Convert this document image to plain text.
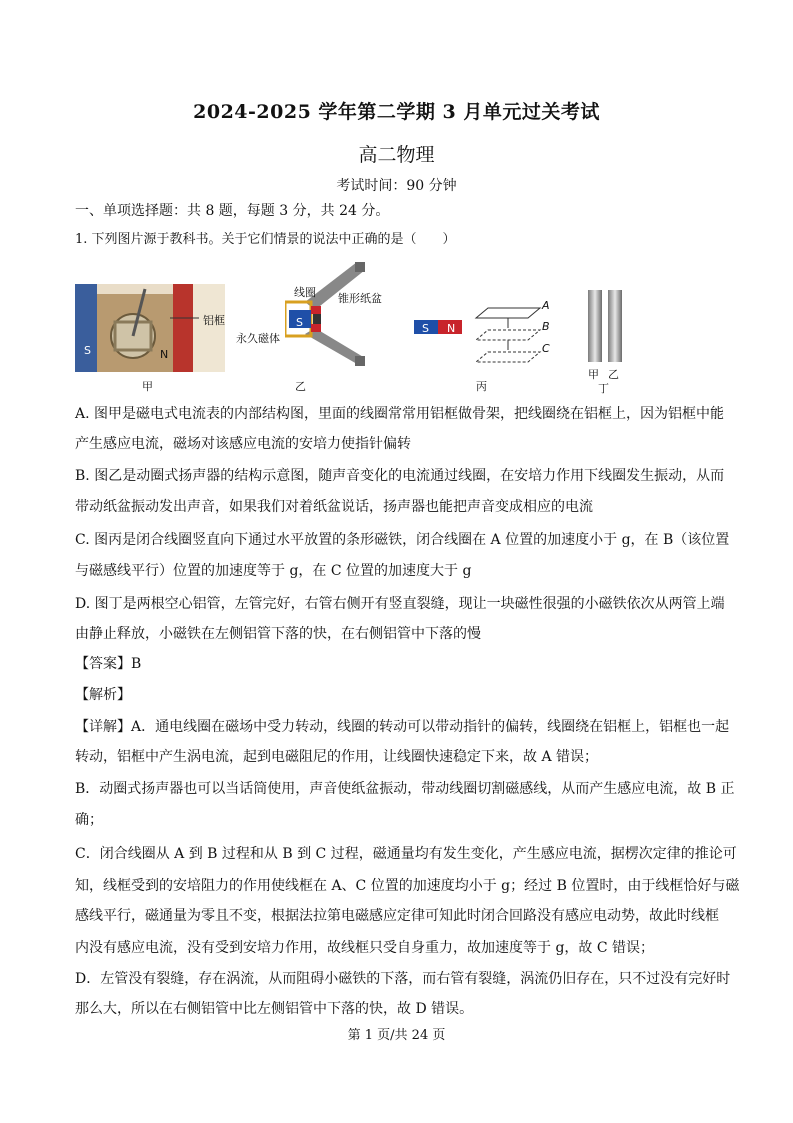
2024-2025 学年第二学期 3 月单元过关考试
高二物理
考试时间：90 分钟
一、单项选择题：共 8 题，每题 3 分，共 24 分。
1. 下列图片源于教科书。关于它们情景的说法中正确的是（　　）
铝框
S	N
甲
线圈 锥形纸盆
永久磁体
S
乙
S N
A
B
C
丙
甲 乙
丁
A. 图甲是磁电式电流表的内部结构图，里面的线圈常常用铝框做骨架，把线圈绕在铝框上，因为铝框中能
产生感应电流，磁场对该感应电流的安培力使指针偏转
B. 图乙是动圈式扬声器的结构示意图，随声音变化的电流通过线圈，在安培力作用下线圈发生振动，从而
带动纸盆振动发出声音，如果我们对着纸盆说话，扬声器也能把声音变成相应的电流
C. 图丙是闭合线圈竖直向下通过水平放置的条形磁铁，闭合线圈在 A 位置的加速度小于 g，在 B（该位置
与磁感线平行）位置的加速度等于 g，在 C 位置的加速度大于 g
D. 图丁是两根空心铝管，左管完好，右管右侧开有竖直裂缝，现让一块磁性很强的小磁铁依次从两管上端
由静止释放，小磁铁在左侧铝管下落的快，在右侧铝管中下落的慢
【答案】B
【解析】
【详解】A．通电线圈在磁场中受力转动，线圈的转动可以带动指针的偏转，线圈绕在铝框上，铝框也一起
转动，铝框中产生涡电流，起到电磁阻尼的作用，让线圈快速稳定下来，故 A 错误；
B．动圈式扬声器也可以当话筒使用，声音使纸盆振动，带动线圈切割磁感线，从而产生感应电流，故 B 正
确；
C．闭合线圈从 A 到 B 过程和从 B 到 C 过程，磁通量均有发生变化，产生感应电流，据楞次定律的推论可
知，线框受到的安培阻力的作用使线框在 A、C 位置的加速度均小于 g；经过 B 位置时，由于线框恰好与磁
感线平行，磁通量为零且不变，根据法拉第电磁感应定律可知此时闭合回路没有感应电动势，故此时线框
内没有感应电流，没有受到安培力作用，故线框只受自身重力，故加速度等于 g，故 C 错误；
D．左管没有裂缝，存在涡流，从而阻碍小磁铁的下落，而右管有裂缝，涡流仍旧存在，只不过没有完好时
那么大，所以在右侧铝管中比左侧铝管中下落的快，故 D 错误。
第 1 页/共 24 页
